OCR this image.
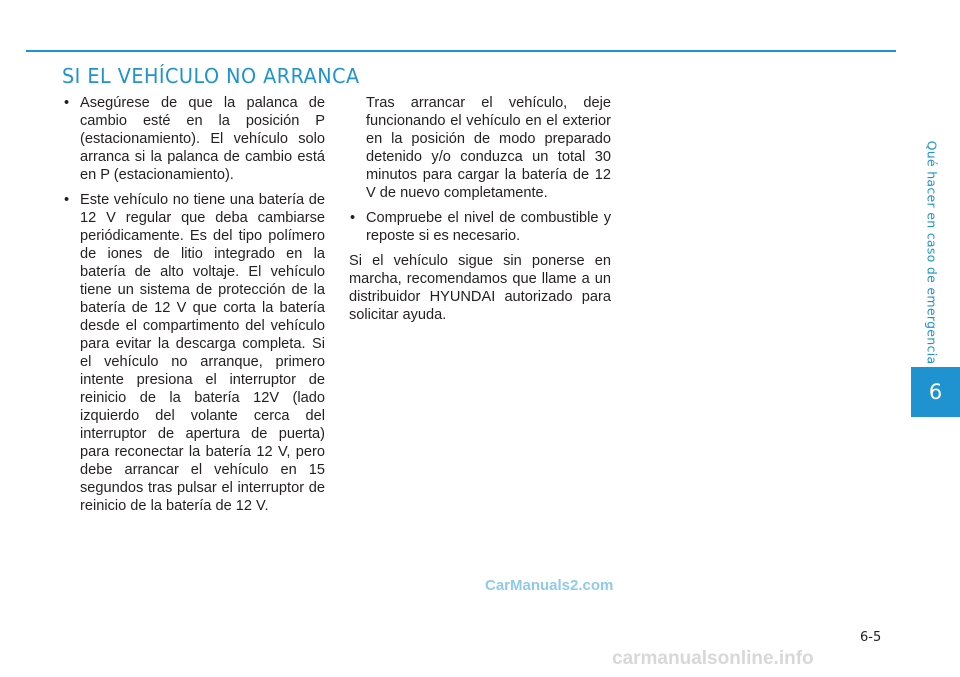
SI EL VEHÍCULO NO ARRANCA
• Asegúrese de que la palanca de cambio esté en la posición P (estacionamiento). El vehículo solo arranca si la palanca de cambio está en P (estacionamiento).
• Este vehículo no tiene una batería de 12 V regular que deba cambiarse periódicamente. Es del tipo polímero de iones de litio integrado en la batería de alto voltaje. El vehículo tiene un sistema de protección de la batería de 12 V que corta la batería desde el compartimento del vehículo para evitar la descarga completa. Si el vehículo no arranque, primero intente presiona el interruptor de reinicio de la batería 12V (lado izquierdo del volante cerca del interruptor de apertura de puerta) para reconectar la batería 12 V, pero debe arrancar el vehículo en 15 segundos tras pulsar el interruptor de reinicio de la batería de 12 V.

Tras arrancar el vehículo, deje funcionando el vehículo en el exterior en la posición de modo preparado detenido y/o conduzca un total 30 minutos para cargar la batería de 12 V de nuevo completamente.

• Compruebe el nivel de combustible y reposte si es necesario.

Si el vehículo sigue sin ponerse en marcha, recomendamos que llame a un distribuidor HYUNDAI autorizado para solicitar ayuda.	Qué hacer en caso de emergencia
6
6-5
CarManuals2.com
carmanualsonline.info
